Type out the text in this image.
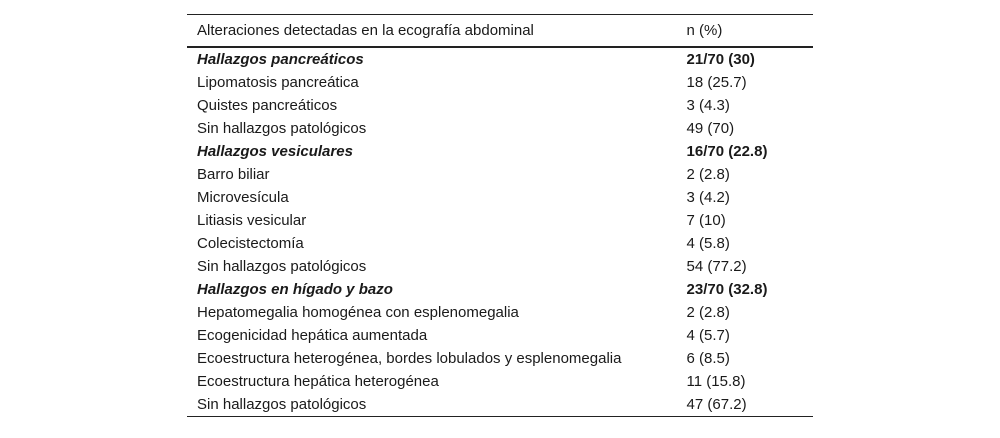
Alteraciones detectadas en la ecografía abdominal	n (%)
Hallazgos pancreáticos	21/70 (30)
Lipomatosis pancreática	18 (25.7)
Quistes pancreáticos	3 (4.3)
Sin hallazgos patológicos	49 (70)
Hallazgos vesiculares	16/70 (22.8)
Barro biliar	2 (2.8)
Microvesícula	3 (4.2)
Litiasis vesicular	7 (10)
Colecistectomía	4 (5.8)
Sin hallazgos patológicos	54 (77.2)
Hallazgos en hígado y bazo	23/70 (32.8)
Hepatomegalia homogénea con esplenomegalia	2 (2.8)
Ecogenicidad hepática aumentada	4 (5.7)
Ecoestructura heterogénea, bordes lobulados y esplenomegalia	6 (8.5)
Ecoestructura hepática heterogénea	11 (15.8)
Sin hallazgos patológicos	47 (67.2)
